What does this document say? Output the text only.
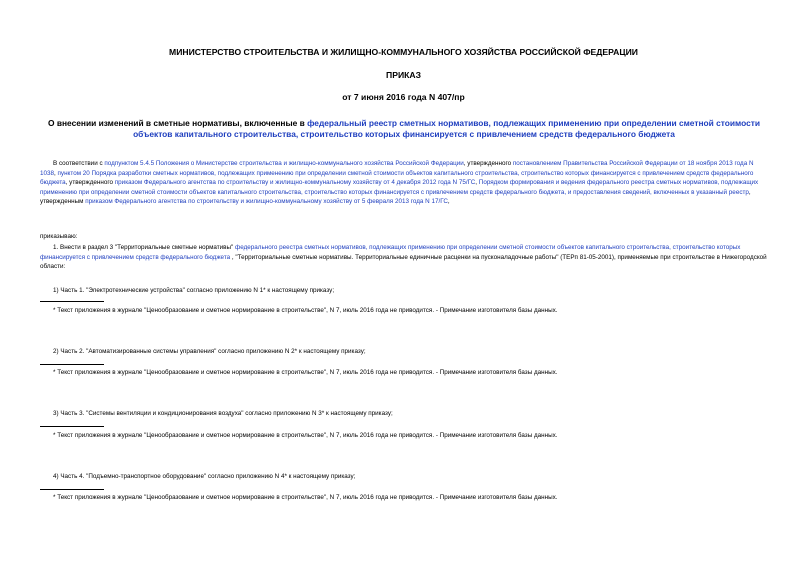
МИНИСТЕРСТВО СТРОИТЕЛЬСТВА И ЖИЛИЩНО-КОММУНАЛЬНОГО ХОЗЯЙСТВА РОССИЙСКОЙ ФЕДЕРАЦИИ
ПРИКАЗ
от 7 июня 2016 года N 407/пр
О внесении изменений в сметные нормативы, включенные в федеральный реестр сметных нормативов, подлежащих применению при определении сметной стоимости объектов капитального строительства, строительство которых финансируется с привлечением средств федерального бюджета
В соответствии с подпунктом 5.4.5 Положения о Министерстве строительства и жилищно-коммунального хозяйства Российской Федерации, утвержденного постановлением Правительства Российской Федерации от 18 ноября 2013 года N 1038, пунктом 20 Порядка разработки сметных нормативов, подлежащих применению при определении сметной стоимости объектов капитального строительства, строительство которых финансируется с привлечением средств федерального бюджета, утвержденного приказом Федерального агентства по строительству и жилищно-коммунальному хозяйству от 4 декабря 2012 года N 75/ГС, Порядком формирования и ведения федерального реестра сметных нормативов, подлежащих применению при определении сметной стоимости объектов капитального строительства, строительство которых финансируется с привлечением средств федерального бюджета, и предоставления сведений, включенных в указанный реестр, утвержденным приказом Федерального агентства по строительству и жилищно-коммунальному хозяйству от 5 февраля 2013 года N 17/ГС,
приказываю:
1. Внести в раздел 3 "Территориальные сметные нормативы" федерального реестра сметных нормативов, подлежащих применению при определении сметной стоимости объектов капитального строительства, строительство которых финансируется с привлечением средств федерального бюджета , "Территориальные сметные нормативы. Территориальные единичные расценки на пусконаладочные работы" (ТЕРп 81-05-2001), применяемые при строительстве в Нижегородской области:
1) Часть 1. "Электротехнические устройства" согласно приложению N 1* к настоящему приказу;
* Текст приложения в журнале "Ценообразование и сметное нормирование в строительстве", N 7, июль 2016 года не приводится. - Примечание изготовителя базы данных.
2) Часть 2. "Автоматизированные системы управления" согласно приложению N 2* к настоящему приказу;
* Текст приложения в журнале "Ценообразование и сметное нормирование в строительстве", N 7, июль 2016 года не приводится. - Примечание изготовителя базы данных.
3) Часть 3. "Системы вентиляции и кондиционирования воздуха" согласно приложению N 3* к настоящему приказу;
* Текст приложения в журнале "Ценообразование и сметное нормирование в строительстве", N 7, июль 2016 года не приводится. - Примечание изготовителя базы данных.
4) Часть 4. "Подъемно-транспортное оборудование" согласно приложению N 4* к настоящему приказу;
* Текст приложения в журнале "Ценообразование и сметное нормирование в строительстве", N 7, июль 2016 года не приводится. - Примечание изготовителя базы данных.
